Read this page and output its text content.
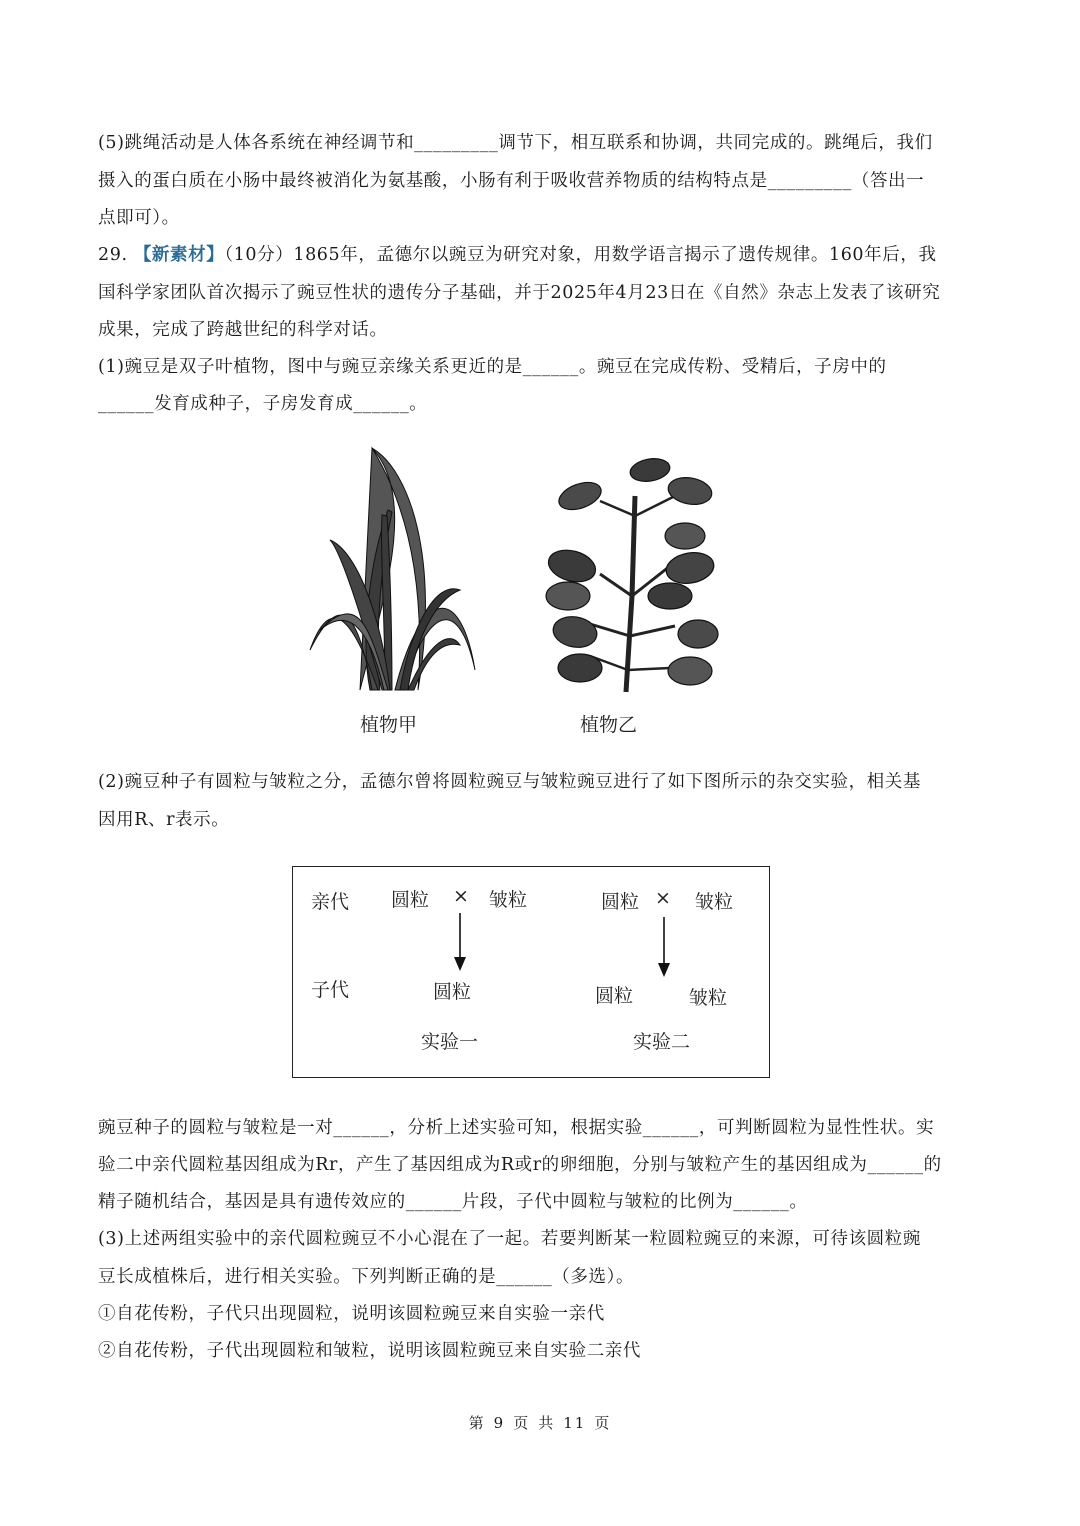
(5)跳绳活动是人体各系统在神经调节和_________调节下，相互联系和协调，共同完成的。跳绳后，我们
摄入的蛋白质在小肠中最终被消化为氨基酸，小肠有利于吸收营养物质的结构特点是_________（答出一
点即可）。
29. 【新素材】（10分）1865年，孟德尔以豌豆为研究对象，用数学语言揭示了遗传规律。160年后，我
国科学家团队首次揭示了豌豆性状的遗传分子基础，并于2025年4月23日在《自然》杂志上发表了该研究
成果，完成了跨越世纪的科学对话。
(1)豌豆是双子叶植物，图中与豌豆亲缘关系更近的是______。豌豆在完成传粉、受精后，子房中的
______发育成种子，子房发育成______。
植物甲	植物乙
(2)豌豆种子有圆粒与皱粒之分，孟德尔曾将圆粒豌豆与皱粒豌豆进行了如下图所示的杂交实验，相关基
因用R、r表示。
亲代
子代
圆粒 × 皱粒
圆粒
实验一
圆粒 × 皱粒
圆粒	皱粒
实验二
豌豆种子的圆粒与皱粒是一对______，分析上述实验可知，根据实验______，可判断圆粒为显性性状。实
验二中亲代圆粒基因组成为Rr，产生了基因组成为R或r的卵细胞，分别与皱粒产生的基因组成为______的
精子随机结合，基因是具有遗传效应的______片段，子代中圆粒与皱粒的比例为______。
(3)上述两组实验中的亲代圆粒豌豆不小心混在了一起。若要判断某一粒圆粒豌豆的来源，可待该圆粒豌
豆长成植株后，进行相关实验。下列判断正确的是______（多选）。
①自花传粉，子代只出现圆粒，说明该圆粒豌豆来自实验一亲代
②自花传粉，子代出现圆粒和皱粒，说明该圆粒豌豆来自实验二亲代
第 9 页 共 11 页
